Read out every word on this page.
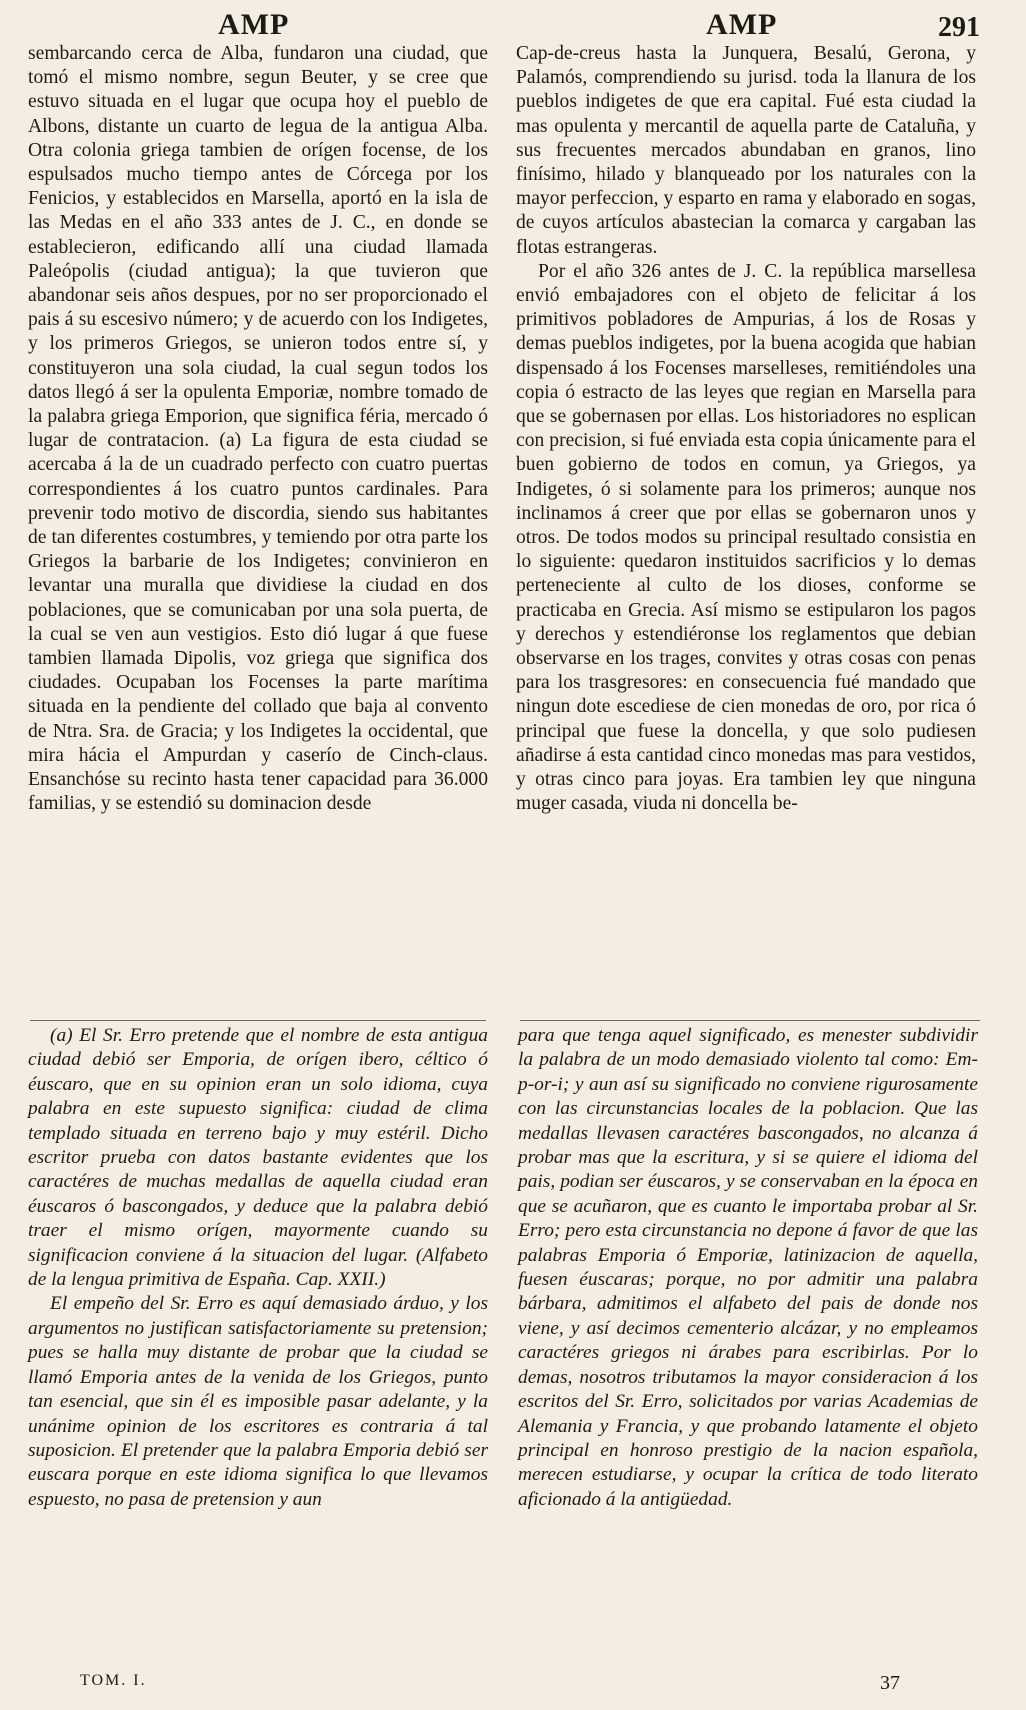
AMP	AMP	291

sembarcando cerca de Alba, fundaron una ciudad, que tomó el mismo nombre, segun Beuter, y se cree que estuvo situada en el lugar que ocupa hoy el pueblo de Albons, distante un cuarto de legua de la antigua Alba. Otra colonia griega tambien de orígen focense, de los espulsados mucho tiempo antes de Córcega por los Fenicios, y establecidos en Marsella, aportó en la isla de las Medas en el año 333 antes de J. C., en donde se establecieron, edificando allí una ciudad llamada Paleópolis (ciudad antigua); la que tuvieron que abandonar seis años despues, por no ser proporcionado el pais á su escesivo número; y de acuerdo con los Indigetes, y los primeros Griegos, se unieron todos entre sí, y constituyeron una sola ciudad, la cual segun todos los datos llegó á ser la opulenta Emporiæ, nombre tomado de la palabra griega Emporion, que significa féria, mercado ó lugar de contratacion. (a) La figura de esta ciudad se acercaba á la de un cuadrado perfecto con cuatro puertas correspondientes á los cuatro puntos cardinales. Para prevenir todo motivo de discordia, siendo sus habitantes de tan diferentes costumbres, y temiendo por otra parte los Griegos la barbarie de los Indigetes; convinieron en levantar una muralla que dividiese la ciudad en dos poblaciones, que se comunicaban por una sola puerta, de la cual se ven aun vestigios. Esto dió lugar á que fuese tambien llamada Dipolis, voz griega que significa dos ciudades. Ocupaban los Focenses la parte marítima situada en la pendiente del collado que baja al convento de Ntra. Sra. de Gracia; y los Indigetes la occidental, que mira hácia el Ampurdan y caserío de Cinch-claus. Ensanchóse su recinto hasta tener capacidad para 36.000 familias, y se estendió su dominacion desde

Cap-de-creus hasta la Junquera, Besalú, Gerona, y Palamós, comprendiendo su jurisd. toda la llanura de los pueblos indigetes de que era capital. Fué esta ciudad la mas opulenta y mercantil de aquella parte de Cataluña, y sus frecuentes mercados abundaban en granos, lino finísimo, hilado y blanqueado por los naturales con la mayor perfeccion, y esparto en rama y elaborado en sogas, de cuyos artículos abastecian la comarca y cargaban las flotas estrangeras.

Por el año 326 antes de J. C. la república marsellesa envió embajadores con el objeto de felicitar á los primitivos pobladores de Ampurias, á los de Rosas y demas pueblos indigetes, por la buena acogida que habian dispensado á los Focenses marselleses, remitiéndoles una copia ó estracto de las leyes que regian en Marsella para que se gobernasen por ellas. Los historiadores no esplican con precision, si fué enviada esta copia únicamente para el buen gobierno de todos en comun, ya Griegos, ya Indigetes, ó si solamente para los primeros; aunque nos inclinamos á creer que por ellas se gobernaron unos y otros. De todos modos su principal resultado consistia en lo siguiente: quedaron instituidos sacrificios y lo demas perteneciente al culto de los dioses, conforme se practicaba en Grecia. Así mismo se estipularon los pagos y derechos y estendiéronse los reglamentos que debian observarse en los trages, convites y otras cosas con penas para los trasgresores: en consecuencia fué mandado que ningun dote escediese de cien monedas de oro, por rica ó principal que fuese la doncella, y que solo pudiesen añadirse á esta cantidad cinco monedas mas para vestidos, y otras cinco para joyas. Era tambien ley que ninguna muger casada, viuda ni doncella be-

(a) El Sr. Erro pretende que el nombre de esta antigua ciudad debió ser Emporia, de orígen ibero, céltico ó éuscaro, que en su opinion eran un solo idioma, cuya palabra en este supuesto significa: ciudad de clima templado situada en terreno bajo y muy estéril. Dicho escritor prueba con datos bastante evidentes que los caractéres de muchas medallas de aquella ciudad eran éuscaros ó bascongados, y deduce que la palabra debió traer el mismo orígen, mayormente cuando su significacion conviene á la situacion del lugar. (Alfabeto de la lengua primitiva de España. Cap. XXII.)

El empeño del Sr. Erro es aquí demasiado árduo, y los argumentos no justifican satisfactoriamente su pretension; pues se halla muy distante de probar que la ciudad se llamó Emporia antes de la venida de los Griegos, punto tan esencial, que sin él es imposible pasar adelante, y la unánime opinion de los escritores es contraria á tal suposicion. El pretender que la palabra Emporia debió ser euscara porque en este idioma significa lo que llevamos espuesto, no pasa de pretension y aun

para que tenga aquel significado, es menester subdividir la palabra de un modo demasiado violento tal como: Em-p-or-i; y aun así su significado no conviene rigurosamente con las circunstancias locales de la poblacion. Que las medallas llevasen caractéres bascongados, no alcanza á probar mas que la escritura, y si se quiere el idioma del pais, podian ser éuscaros, y se conservaban en la época en que se acuñaron, que es cuanto le importaba probar al Sr. Erro; pero esta circunstancia no depone á favor de que las palabras Emporia ó Emporiæ, latinizacion de aquella, fuesen éuscaras; porque, no por admitir una palabra bárbara, admitimos el alfabeto del pais de donde nos viene, y así decimos cementerio alcázar, y no empleamos caractéres griegos ni árabes para escribirlas. Por lo demas, nosotros tributamos la mayor consideracion á los escritos del Sr. Erro, solicitados por varias Academias de Alemania y Francia, y que probando latamente el objeto principal en honroso prestigio de la nacion española, merecen estudiarse, y ocupar la crítica de todo literato aficionado á la antigüedad.

TOM. I.	37
